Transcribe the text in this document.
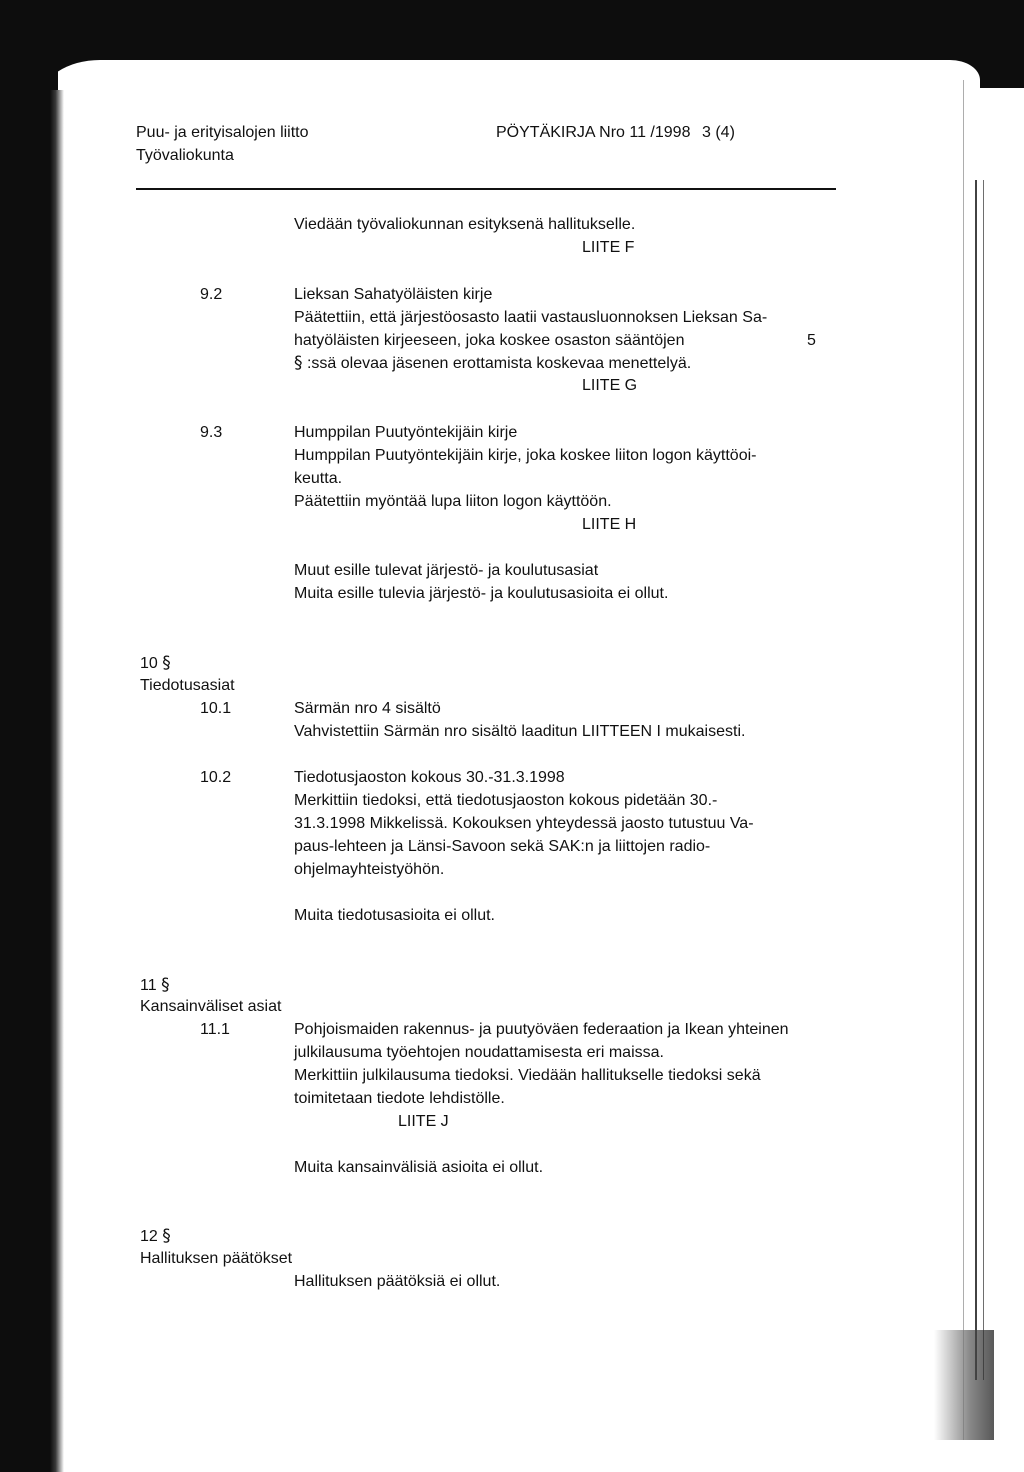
Puu- ja erityisalojen liitto
Työvaliokunta
PÖYTÄKIRJA Nro 11 /1998 3 (4)
Viedään työvaliokunnan esityksenä hallitukselle.
LIITE F
9.2	Lieksan Sahatyöläisten kirje
Päätettiin, että järjestöosasto laatii vastausluonnoksen Lieksan Sa-
hatyöläisten kirjeeseen, joka koskee osaston sääntöjen	5
§ :ssä olevaa jäsenen erottamista koskevaa menettelyä.
LIITE G
9.3	Humppilan Puutyöntekijäin kirje
Humppilan Puutyöntekijäin kirje, joka koskee liiton logon käyttöoi-
keutta.
Päätettiin myöntää lupa liiton logon käyttöön.
LIITE H
Muut esille tulevat järjestö- ja koulutusasiat
Muita esille tulevia järjestö- ja koulutusasioita ei ollut.
10 §
Tiedotusasiat
10.1	Särmän nro 4 sisältö
Vahvistettiin Särmän nro sisältö laaditun LIITTEEN I mukaisesti.
10.2	Tiedotusjaoston kokous 30.-31.3.1998
Merkittiin tiedoksi, että tiedotusjaoston kokous pidetään 30.-
31.3.1998 Mikkelissä. Kokouksen yhteydessä jaosto tutustuu Va-
paus-lehteen ja Länsi-Savoon sekä SAK:n ja liittojen radio-
ohjelmayhteistyöhön.
Muita tiedotusasioita ei ollut.
11 §
Kansainväliset asiat
11.1	Pohjoismaiden rakennus- ja puutyöväen federaation ja Ikean yhteinen
julkilausuma työehtojen noudattamisesta eri maissa.
Merkittiin julkilausuma tiedoksi. Viedään hallitukselle tiedoksi sekä
toimitetaan tiedote lehdistölle.
LIITE J
Muita kansainvälisiä asioita ei ollut.
12 §
Hallituksen päätökset
Hallituksen päätöksiä ei ollut.
